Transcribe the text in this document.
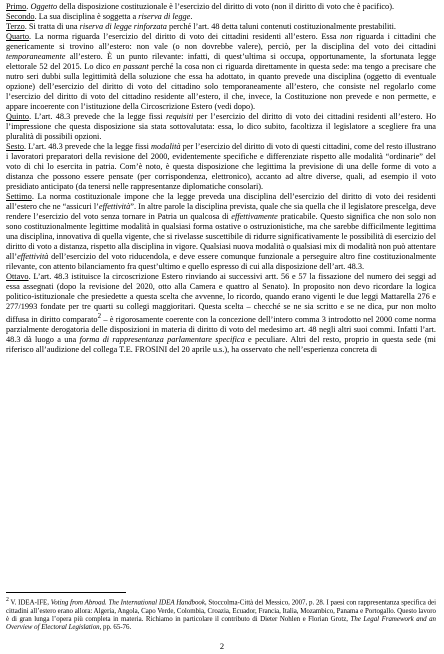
Primo. Oggetto della disposizione costituzionale è l’esercizio del diritto di voto (non il diritto di voto che è pacifico).

Secondo. La sua disciplina è soggetta a riserva di legge.

Terzo. Si tratta di una riserva di legge rinforzata perché l’art. 48 detta taluni contenuti costituzionalmente prestabiliti.

Quarto. La norma riguarda l’esercizio del diritto di voto dei cittadini residenti all’estero. Essa non riguarda i cittadini che genericamente si trovino all’estero: non vale (o non dovrebbe valere), perciò, per la disciplina del voto dei cittadini temporaneamente all’estero. È un punto rilevante: infatti, di quest’ultima si occupa, opportunamente, la sfortunata legge elettorale 52 del 2015. Lo dico en passant perché la cosa non ci riguarda direttamente in questa sede: ma tengo a precisare che nutro seri dubbi sulla legittimità della soluzione che essa ha adottato, in quanto prevede una disciplina (oggetto di eventuale opzione) dell’esercizio del diritto di voto del cittadino solo temporaneamente all’estero, che consiste nel regolarlo come l’esercizio del diritto di voto del cittadino residente all’estero, il che, invece, la Costituzione non prevede e non permette, e appare incoerente con l’istituzione della Circoscrizione Estero (vedi dopo).

Quinto. L’art. 48.3 prevede che la legge fissi requisiti per l’esercizio del diritto di voto dei cittadini residenti all’estero. Ho l’impressione che questa disposizione sia stata sottovalutata: essa, lo dico subito, facoltizza il legislatore a scegliere fra una pluralità di possibili opzioni.

Sesto. L’art. 48.3 prevede che la legge fissi modalità per l’esercizio del diritto di voto di questi cittadini, come del resto illustrano i lavoratori preparatori della revisione del 2000, evidentemente specifiche e differenziate rispetto alle modalità “ordinarie” del voto di chi lo esercita in patria. Com’è noto, è questa disposizione che legittima la previsione di una delle forme di voto a distanza che possono essere pensate (per corrispondenza, elettronico), accanto ad altre diverse, quali, ad esempio il voto presidiato anticipato (da tenersi nelle rappresentanze diplomatiche consolari).

Settimo. La norma costituzionale impone che la legge preveda una disciplina dell’esercizio del diritto di voto dei residenti all’estero che ne “assicuri l’effettività”. In altre parole la disciplina prevista, quale che sia quella che il legislatore prescelga, deve rendere l’esercizio del voto senza tornare in Patria un qualcosa di effettivamente praticabile. Questo significa che non solo non sono costituzionalmente legittime modalità in qualsiasi forma ostative o ostruzionistiche, ma che sarebbe difficilmente legittima una disciplina, innovativa di quella vigente, che si rivelasse suscettibile di ridurre significativamente le possibilità di esercizio del diritto di voto a distanza, rispetto alla disciplina in vigore. Qualsiasi nuova modalità o qualsiasi mix di modalità non può attentare all’effettività dell’esercizio del voto riducendola, e deve essere comunque funzionale a perseguire altro fine costituzionalmente rilevante, con attento bilanciamento fra quest’ultimo e quello espresso di cui alla disposizione dell’art. 48.3.

Ottavo. L’art. 48.3 istituisce la circoscrizione Estero rinviando ai successivi artt. 56 e 57 la fissazione del numero dei seggi ad essa assegnati (dopo la revisione del 2020, otto alla Camera e quattro al Senato). In proposito non devo ricordare la logica politico-istituzionale che presiedette a questa scelta che avvenne, lo ricordo, quando erano vigenti le due leggi Mattarella 276 e 277/1993 fondate per tre quarti su collegi maggioritari. Questa scelta – checché se ne sia scritto e se ne dica, pur non molto diffusa in diritto comparato$^2$ – è rigorosamente coerente con la concezione dell’intero comma 3 introdotto nel 2000 come norma parzialmente derogatoria delle disposizioni in materia di diritto di voto del medesimo art. 48 negli altri suoi commi. Infatti l’art. 48.3 dà luogo a una forma di rappresentanza parlamentare specifica e peculiare. Altri del resto, proprio in questa sede (mi riferisco all’audizione del collega T.E. FROSINI del 20 aprile u.s.), ha osservato che nell’esperienza concreta di

$^2$ V. IDEA-IFE, Voting from Abroad. The International IDEA Handbook, Stoccolma-Città del Messico, 2007, p. 28. I paesi con rappresentanza specifica dei cittadini all’estero erano allora: Algeria, Angola, Capo Verde, Colombia, Croazia, Ecuador, Francia, Italia, Mozambico, Panama e Portogallo. Questo lavoro è di gran lunga l’opera più completa in materia. Richiamo in particolare il contributo di Dieter Nohlen e Florian Grotz, The Legal Framework and an Overview of Electoral Legislation, pp. 65-76.
2
